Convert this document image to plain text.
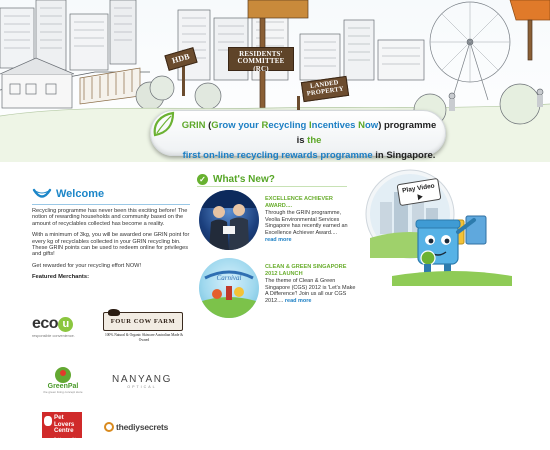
HDB	RESIDENTS' COMMITTEE (RC)
LANDED PROPERTY
GRIN (Grow your Recycling Incentives Now) programme is the
first on-line recycling rewards programme in Singapore.
Welcome

Recycling programme has never been this exciting before! The notion of rewarding households and community based on the amount of recyclables collected has become a reality.

With a minimum of 3kg, you will be awarded one GRIN point for every kg of recyclables collected in your GRIN recycling bin. These GRIN points can be used to redeem online for privileges and gifts!

Get rewarded for your recycling effort NOW!

Featured Merchants:

eco u
responsible convenience.
FOUR COW FARM
100% Natural & Organic Skincare Australian Made & Owned
GreenPal
the green living concept store
NANYANG
OPTICAL
Pet Lovers Centre
Pet Lovers, We Care
thediysecrets
✓ What's New?
EXCELLENCE ACHIEVER AWARD....
Through the GRIN programme, Veolia Environmental Services Singapore has recently earned an Excellence Achiever Award....
read more
Carnival
CLEAN & GREEN SINGAPORE 2012 LAUNCH
The theme of Clean & Green Singapore (CGS) 2012 is 'Let's Make A Difference'! Join us all our CGS 2012.... read more
Play Video
